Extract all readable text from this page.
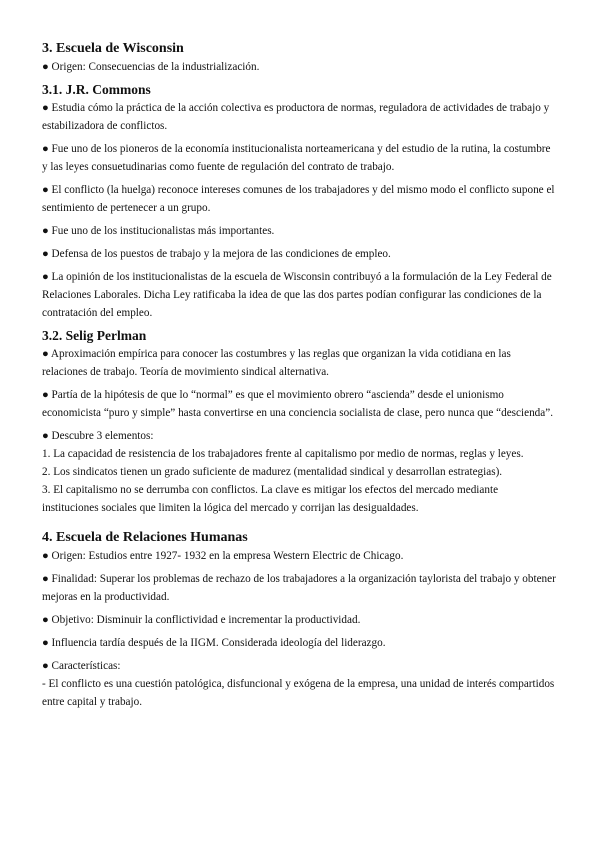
3. Escuela de Wisconsin

● Origen: Consecuencias de la industrialización.

3.1. J.R. Commons

● Estudia cómo la práctica de la acción colectiva es productora de normas, reguladora de actividades de trabajo y estabilizadora de conflictos.

● Fue uno de los pioneros de la economía institucionalista norteamericana y del estudio de la rutina, la costumbre y las leyes consuetudinarias como fuente de regulación del contrato de trabajo.

● El conflicto (la huelga) reconoce intereses comunes de los trabajadores y del mismo modo el conflicto supone el sentimiento de pertenecer a un grupo.

● Fue uno de los institucionalistas más importantes.

● Defensa de los puestos de trabajo y la mejora de las condiciones de empleo.

● La opinión de los institucionalistas de la escuela de Wisconsin contribuyó a la formulación de la Ley Federal de Relaciones Laborales. Dicha Ley ratificaba la idea de que las dos partes podían configurar las condiciones de la contratación del empleo.

3.2. Selig Perlman

● Aproximación empírica para conocer las costumbres y las reglas que organizan la vida cotidiana en las relaciones de trabajo. Teoría de movimiento sindical alternativa.

● Partía de la hipótesis de que lo “normal” es que el movimiento obrero “ascienda” desde el unionismo economicista “puro y simple” hasta convertirse en una conciencia socialista de clase, pero nunca que “descienda”.

● Descubre 3 elementos:

1. La capacidad de resistencia de los trabajadores frente al capitalismo por medio de normas, reglas y leyes.

2. Los sindicatos tienen un grado suficiente de madurez (mentalidad sindical y desarrollan estrategias).

3. El capitalismo no se derrumba con conflictos. La clave es mitigar los efectos del mercado mediante instituciones sociales que limiten la lógica del mercado y corrijan las desigualdades.

4. Escuela de Relaciones Humanas

● Origen: Estudios entre 1927- 1932 en la empresa Western Electric de Chicago.

● Finalidad: Superar los problemas de rechazo de los trabajadores a la organización taylorista del trabajo y obtener mejoras en la productividad.

● Objetivo: Disminuir la conflictividad e incrementar la productividad.

● Influencia tardía después de la IIGM. Considerada ideología del liderazgo.

● Características:

- El conflicto es una cuestión patológica, disfuncional y exógena de la empresa, una unidad de interés compartidos entre capital y trabajo.
